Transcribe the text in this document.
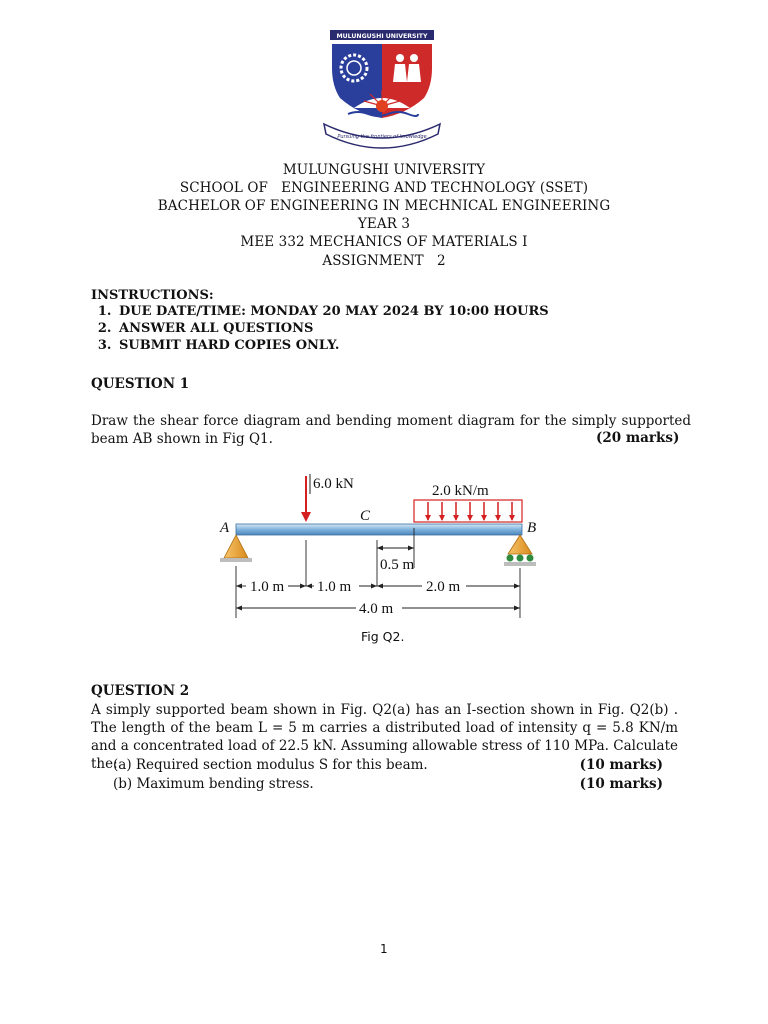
MULUNGUSHI UNIVERSITY
Pursuing the frontiers of knowledge
MULUNGUSHI UNIVERSITY
SCHOOL OF   ENGINEERING AND TECHNOLOGY (SSET)
BACHELOR OF ENGINEERING IN MECHNICAL ENGINEERING
YEAR 3
MEE 332 MECHANICS OF MATERIALS I
ASSIGNMENT   2
INSTRUCTIONS:
1. DUE DATE/TIME: MONDAY 20 MAY 2024 BY 10:00 HOURS
2. ANSWER ALL QUESTIONS
3. SUBMIT HARD COPIES ONLY.
QUESTION 1
Draw the shear force diagram and bending moment diagram for the simply supported beam AB shown in Fig Q1.	(20 marks)
6.0 kN	2.0 kN/m
A	B
C
0.5 m
1.0 m 1.0 m	2.0 m
4.0 m
Fig Q2.
QUESTION 2
A simply supported beam shown in Fig. Q2(a) has an I-section shown in Fig. Q2(b) . The length of the beam L = 5 m carries a distributed load of intensity q = 5.8 KN/m and a concentrated load of 22.5 kN. Assuming allowable stress of 110 MPa. Calculate the:
(a) Required section modulus S for this beam.	(10 marks)
(b) Maximum bending stress.	(10 marks)
1
